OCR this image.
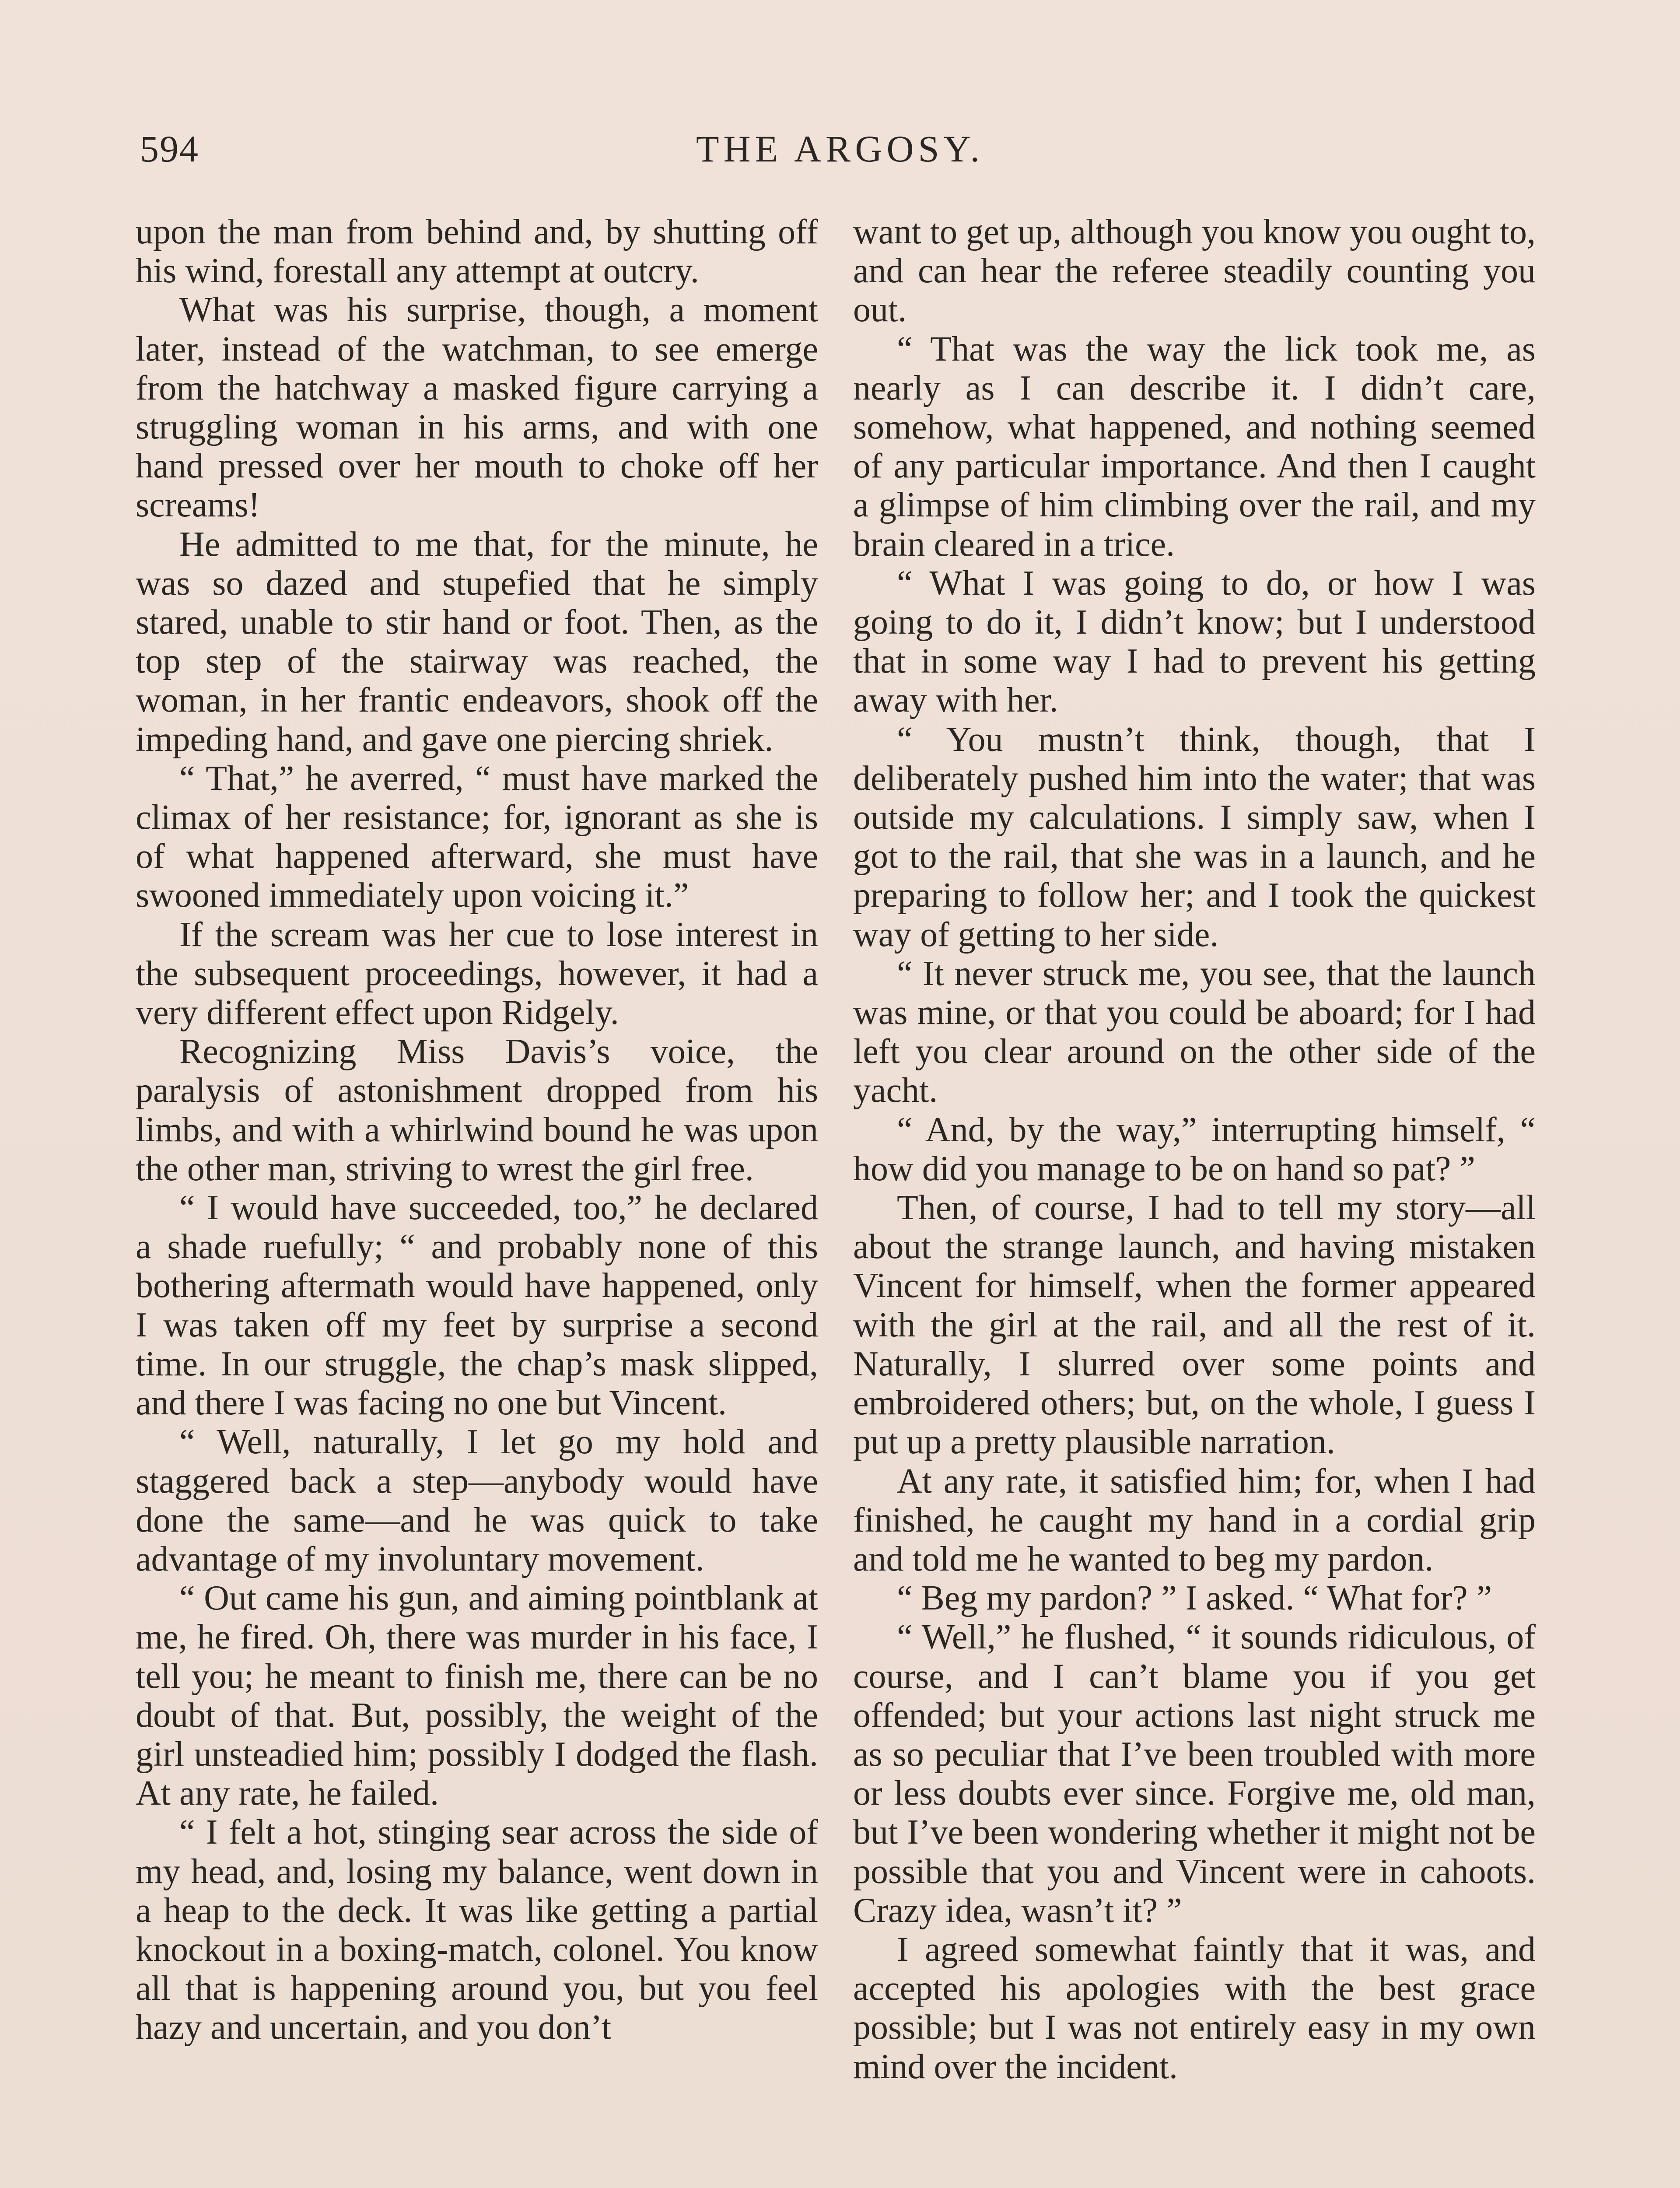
594	THE ARGOSY.

upon the man from behind and, by shutting off his wind, forestall any attempt at outcry.

What was his surprise, though, a moment later, instead of the watchman, to see emerge from the hatchway a masked figure carrying a struggling woman in his arms, and with one hand pressed over her mouth to choke off her screams!

He admitted to me that, for the minute, he was so dazed and stupefied that he simply stared, unable to stir hand or foot. Then, as the top step of the stairway was reached, the woman, in her frantic endeavors, shook off the impeding hand, and gave one piercing shriek.

“ That,” he averred, “ must have marked the climax of her resistance; for, ignorant as she is of what happened afterward, she must have swooned immediately upon voicing it.”

If the scream was her cue to lose interest in the subsequent proceedings, however, it had a very different effect upon Ridgely.

Recognizing Miss Davis’s voice, the paralysis of astonishment dropped from his limbs, and with a whirlwind bound he was upon the other man, striving to wrest the girl free.

“ I would have succeeded, too,” he declared a shade ruefully; “ and probably none of this bothering aftermath would have happened, only I was taken off my feet by surprise a second time. In our struggle, the chap’s mask slipped, and there I was facing no one but Vincent.

“ Well, naturally, I let go my hold and staggered back a step—anybody would have done the same—and he was quick to take advantage of my involuntary movement.

“ Out came his gun, and aiming pointblank at me, he fired. Oh, there was murder in his face, I tell you; he meant to finish me, there can be no doubt of that. But, possibly, the weight of the girl unsteadied him; possibly I dodged the flash. At any rate, he failed.

“ I felt a hot, stinging sear across the side of my head, and, losing my balance, went down in a heap to the deck. It was like getting a partial knockout in a boxing-match, colonel. You know all that is happening around you, but you feel hazy and uncertain, and you don’t

want to get up, although you know you ought to, and can hear the referee steadily counting you out.

“ That was the way the lick took me, as nearly as I can describe it. I didn’t care, somehow, what happened, and nothing seemed of any particular importance. And then I caught a glimpse of him climbing over the rail, and my brain cleared in a trice.

“ What I was going to do, or how I was going to do it, I didn’t know; but I understood that in some way I had to prevent his getting away with her.

“ You mustn’t think, though, that I deliberately pushed him into the water; that was outside my calculations. I simply saw, when I got to the rail, that she was in a launch, and he preparing to follow her; and I took the quickest way of getting to her side.

“ It never struck me, you see, that the launch was mine, or that you could be aboard; for I had left you clear around on the other side of the yacht.

“ And, by the way,” interrupting himself, “ how did you manage to be on hand so pat? ”

Then, of course, I had to tell my story—all about the strange launch, and having mistaken Vincent for himself, when the former appeared with the girl at the rail, and all the rest of it. Naturally, I slurred over some points and embroidered others; but, on the whole, I guess I put up a pretty plausible narration.

At any rate, it satisfied him; for, when I had finished, he caught my hand in a cordial grip and told me he wanted to beg my pardon.

“ Beg my pardon? ” I asked. “ What for? ”

“ Well,” he flushed, “ it sounds ridiculous, of course, and I can’t blame you if you get offended; but your actions last night struck me as so peculiar that I’ve been troubled with more or less doubts ever since. Forgive me, old man, but I’ve been wondering whether it might not be possible that you and Vincent were in cahoots. Crazy idea, wasn’t it? ”

I agreed somewhat faintly that it was, and accepted his apologies with the best grace possible; but I was not entirely easy in my own mind over the incident.
